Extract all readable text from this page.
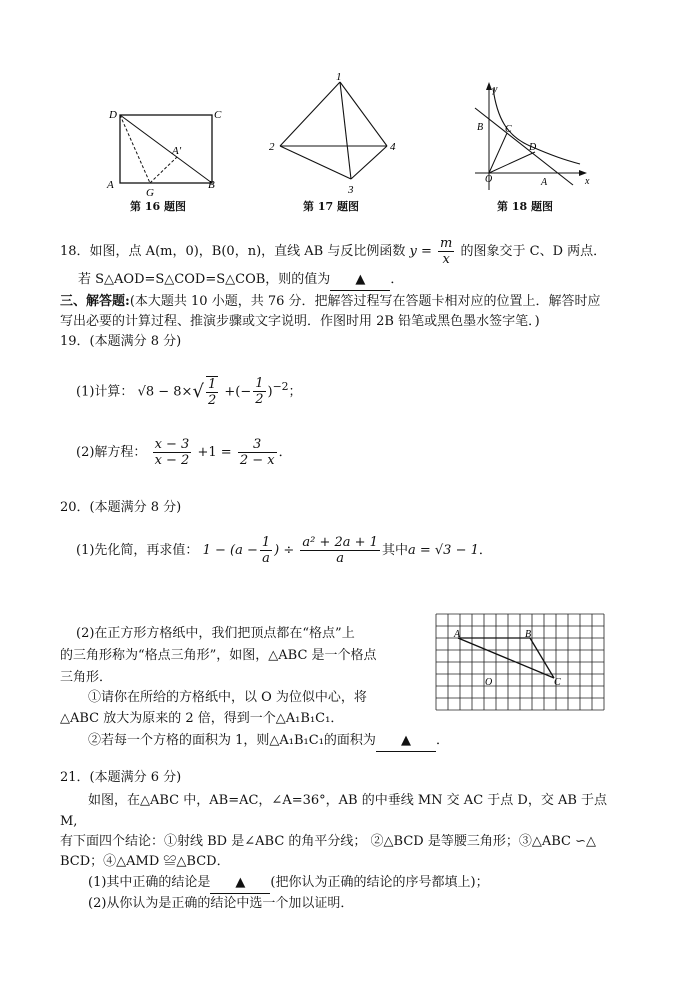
D	C
A	B
G
A′
第 16 题图
1
2
3
4
第 17 题图
y
x
O	A
B C
D
第 18 题图
18．如图，点 A(m，0)，B(0，n)，直线 AB 与反比例函数 $y = \frac{m}{x}$ 的图象交于 C、D 两点．
若 S△AOD=S△COD=S△COB，则的值为 ▲ ．
三、解答题:(本大题共 10 小题，共 76 分．把解答过程写在答题卡相对应的位置上．解答时应
写出必要的计算过程、推演步骤或文字说明．作图时用 2B 铅笔或黑色墨水签字笔．)
19．(本题满分 8 分)
(1)计算： $√8 - 8\times√ \frac{1}{2}$ +(− $\frac{1}{2} )^{-2}$；
(2)解方程： $\frac{x - 3}{x - 2} +1 = \frac{3}{2 - x}$ ．
20．(本题满分 8 分)
(1)先化简，再求值： $1 - (a - \frac{1}{a}$ ) ÷ $\frac{\text{a² + 2a + 1}}{a}$ 其中a = √3 − 1．
(2)在正方形方格纸中，我们把顶点都在“格点”上
的三角形称为“格点三角形”，如图，△ABC 是一个格点
三角形．
①请你在所给的方格纸中，以 O 为位似中心，将
△ABC 放大为原来的 2 倍，得到一个△A₁B₁C₁．
②若每一个方格的面积为 1，则△A₁B₁C₁的面积为 ▲ ．
A	B
C
O
21．(本题满分 6 分)
如图，在△ABC 中，AB=AC，∠A=36°，AB 的中垂线 MN 交 AC 于点 D，交 AB 于点
M,
有下面四个结论：①射线 BD 是∠ABC 的角平分线； ②△BCD 是等腰三角形；③△ABC ∽△
BCD；④△AMD ≌△BCD．
(1)其中正确的结论是 ▲ (把你认为正确的结论的序号都填上)；
(2)从你认为是正确的结论中选一个加以证明．
